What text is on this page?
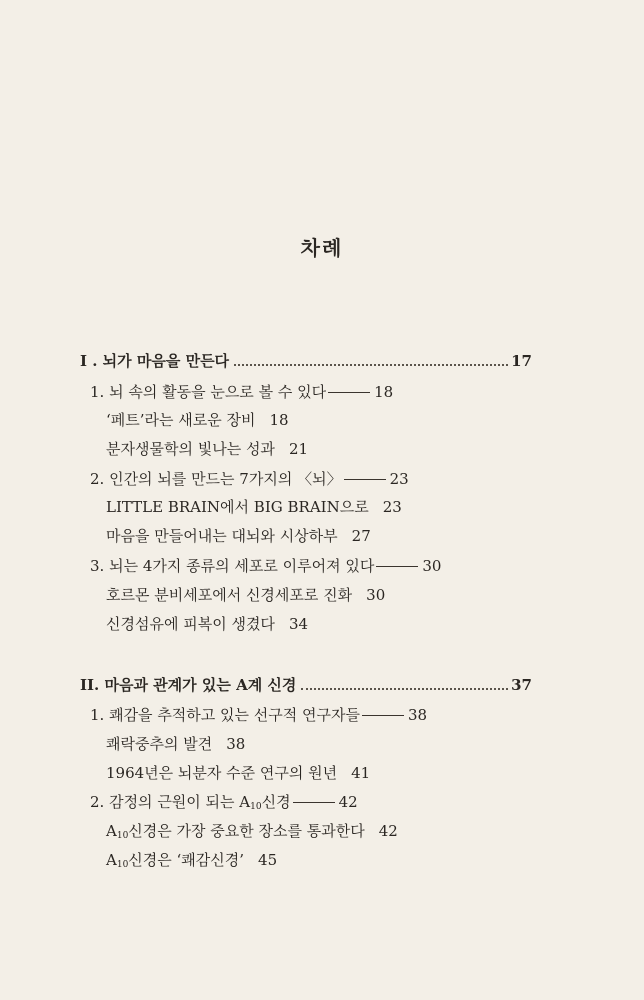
차례
I . 뇌가 마음을 만든다	17
1. 뇌 속의 활동을 눈으로 볼 수 있다	18
‘페트’라는 새로운 장비 18
분자생물학의 빛나는 성과 21
2. 인간의 뇌를 만드는 7가지의 〈뇌〉	23
LITTLE BRAIN에서 BIG BRAIN으로 23
마음을 만들어내는 대뇌와 시상하부 27
3. 뇌는 4가지 종류의 세포로 이루어져 있다	30
호르몬 분비세포에서 신경세포로 진화 30
신경섬유에 피복이 생겼다 34
II. 마음과 관계가 있는 A계 신경	37
1. 쾌감을 추적하고 있는 선구적 연구자들	38
쾌락중추의 발견 38
1964년은 뇌분자 수준 연구의 원년 41
2. 감정의 근원이 되는 $A_{10}$신경	42
$A_{10}$신경은 가장 중요한 장소를 통과한다 42
$A_{10}$신경은 ‘쾌감신경’ 45
